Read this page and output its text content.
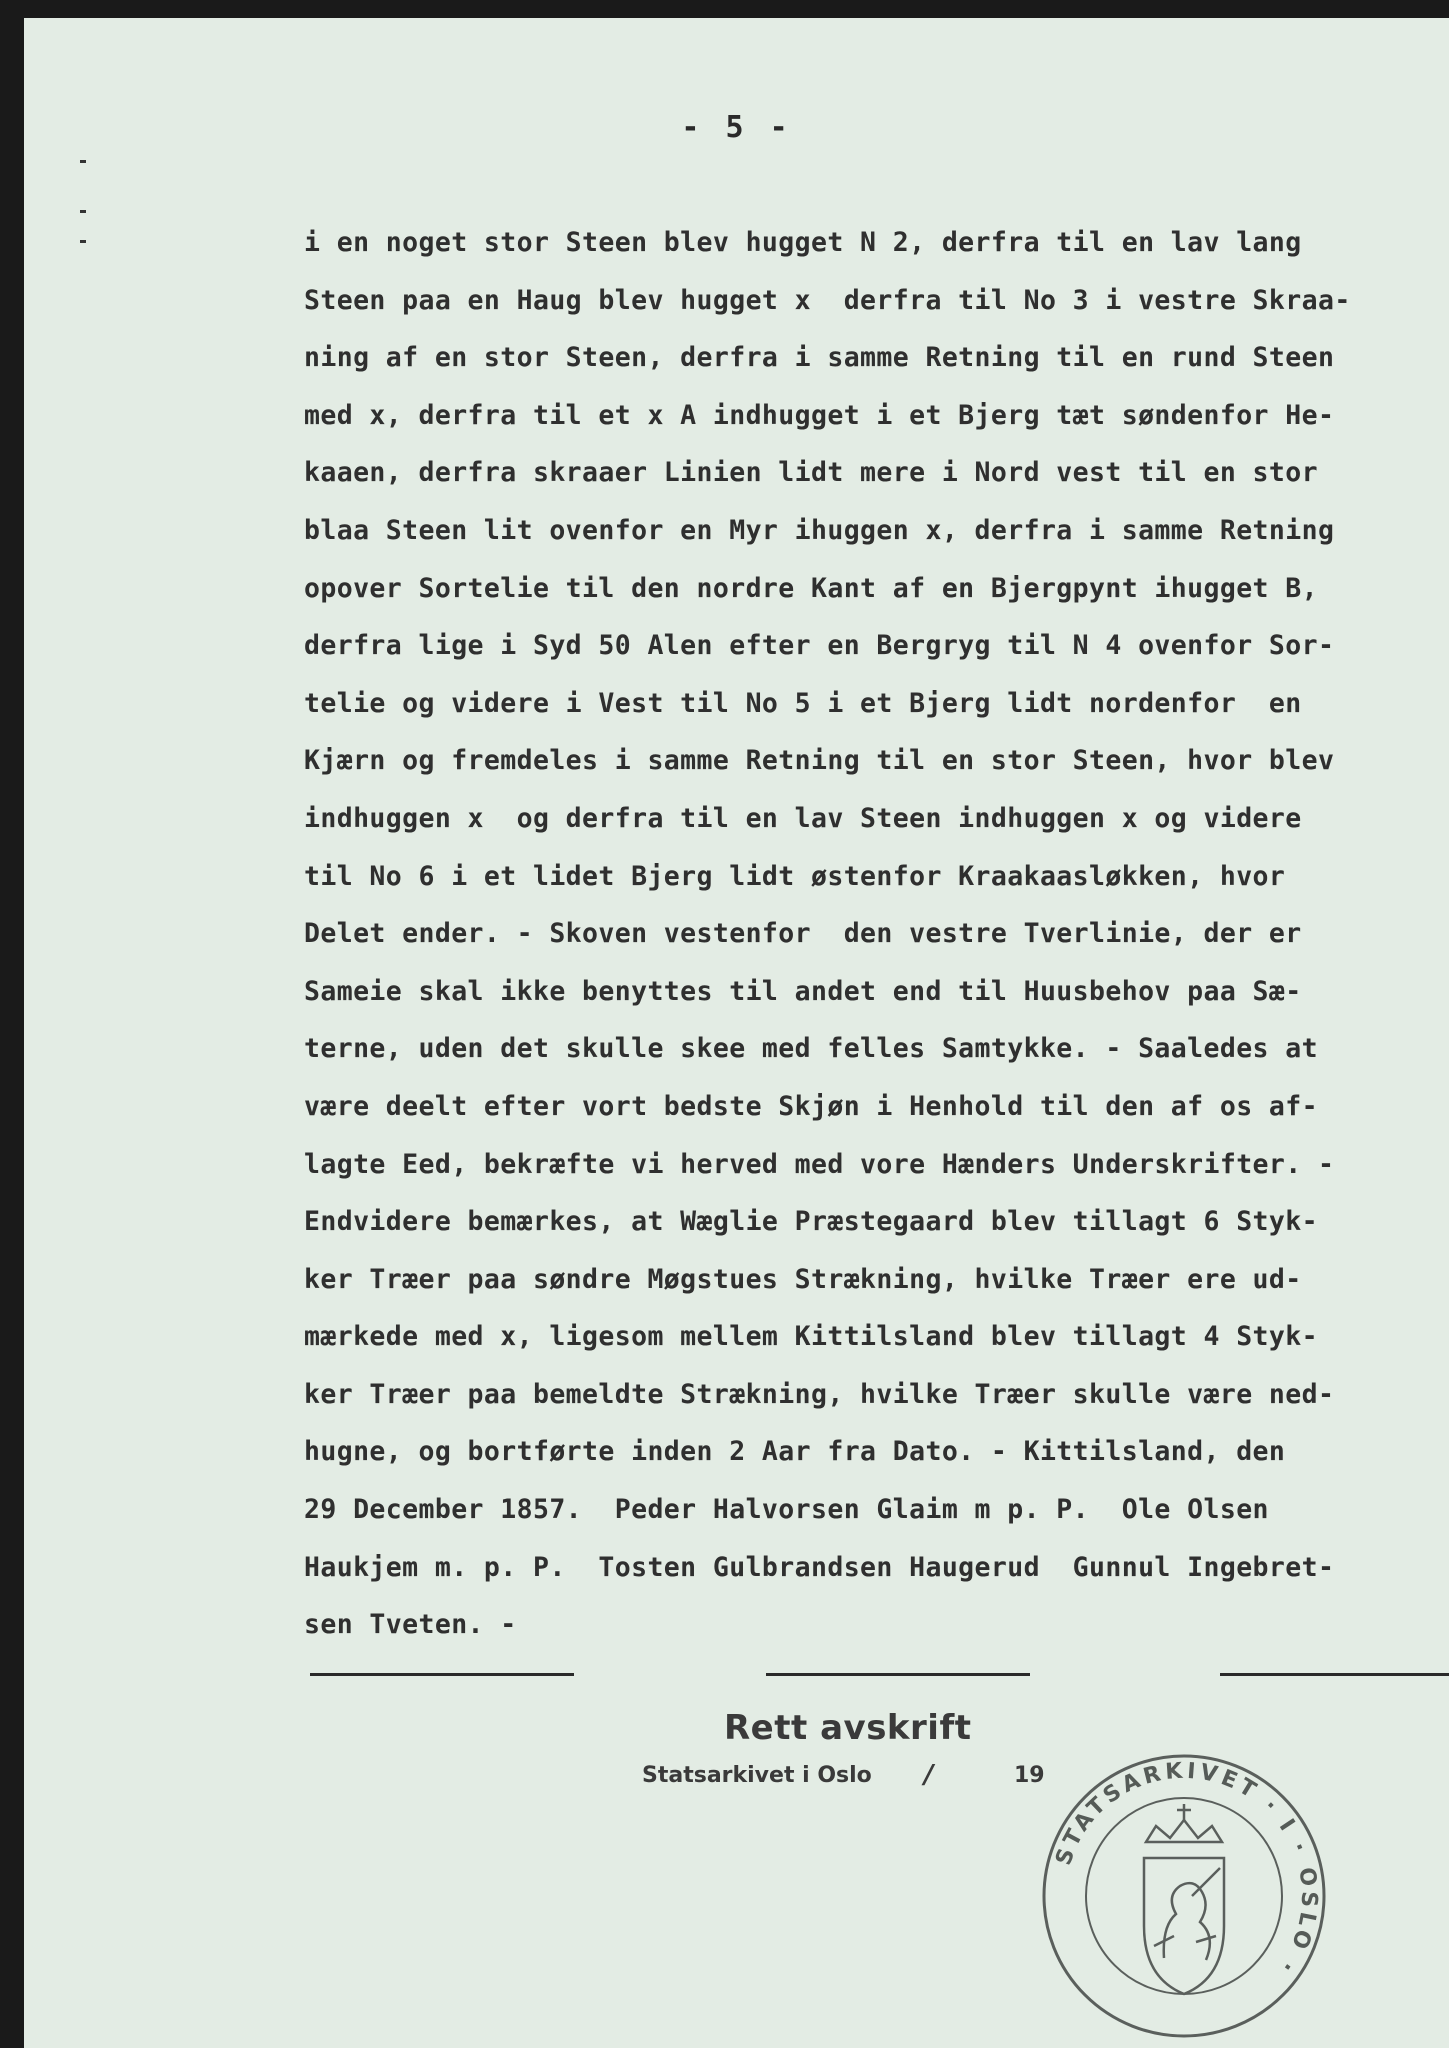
- 5 -
i en noget stor Steen blev hugget N 2, derfra til en lav lang
Steen paa en Haug blev hugget x  derfra til No 3 i vestre Skraa-
ning af en stor Steen, derfra i samme Retning til en rund Steen
med x, derfra til et x A indhugget i et Bjerg tæt søndenfor He-
kaaen, derfra skraaer Linien lidt mere i Nord vest til en stor
blaa Steen lit ovenfor en Myr ihuggen x, derfra i samme Retning
opover Sortelie til den nordre Kant af en Bjergpynt ihugget B,
derfra lige i Syd 50 Alen efter en Bergryg til N 4 ovenfor Sor-
telie og videre i Vest til No 5 i et Bjerg lidt nordenfor  en
Kjærn og fremdeles i samme Retning til en stor Steen, hvor blev
indhuggen x  og derfra til en lav Steen indhuggen x og videre
til No 6 i et lidet Bjerg lidt østenfor Kraakaasløkken, hvor
Delet ender. - Skoven vestenfor  den vestre Tverlinie, der er
Sameie skal ikke benyttes til andet end til Huusbehov paa Sæ-
terne, uden det skulle skee med felles Samtykke. - Saaledes at
være deelt efter vort bedste Skjøn i Henhold til den af os af-
lagte Eed, bekræfte vi herved med vore Hænders Underskrifter. -
Endvidere bemærkes, at Wæglie Præstegaard blev tillagt 6 Styk-
ker Træer paa søndre Møgstues Strækning, hvilke Træer ere ud-
mærkede med x, ligesom mellem Kittilsland blev tillagt 4 Styk-
ker Træer paa bemeldte Strækning, hvilke Træer skulle være ned-
hugne, og bortførte inden 2 Aar fra Dato. - Kittilsland, den
29 December 1857.  Peder Halvorsen Glaim m p. P.  Ole Olsen
Haukjem m. p. P.  Tosten Gulbrandsen Haugerud  Gunnul Ingebret-
sen Tveten. -
Rett avskrift
Statsarkivet i Oslo /	19
STATSARKIVET · I · OSLO ·
